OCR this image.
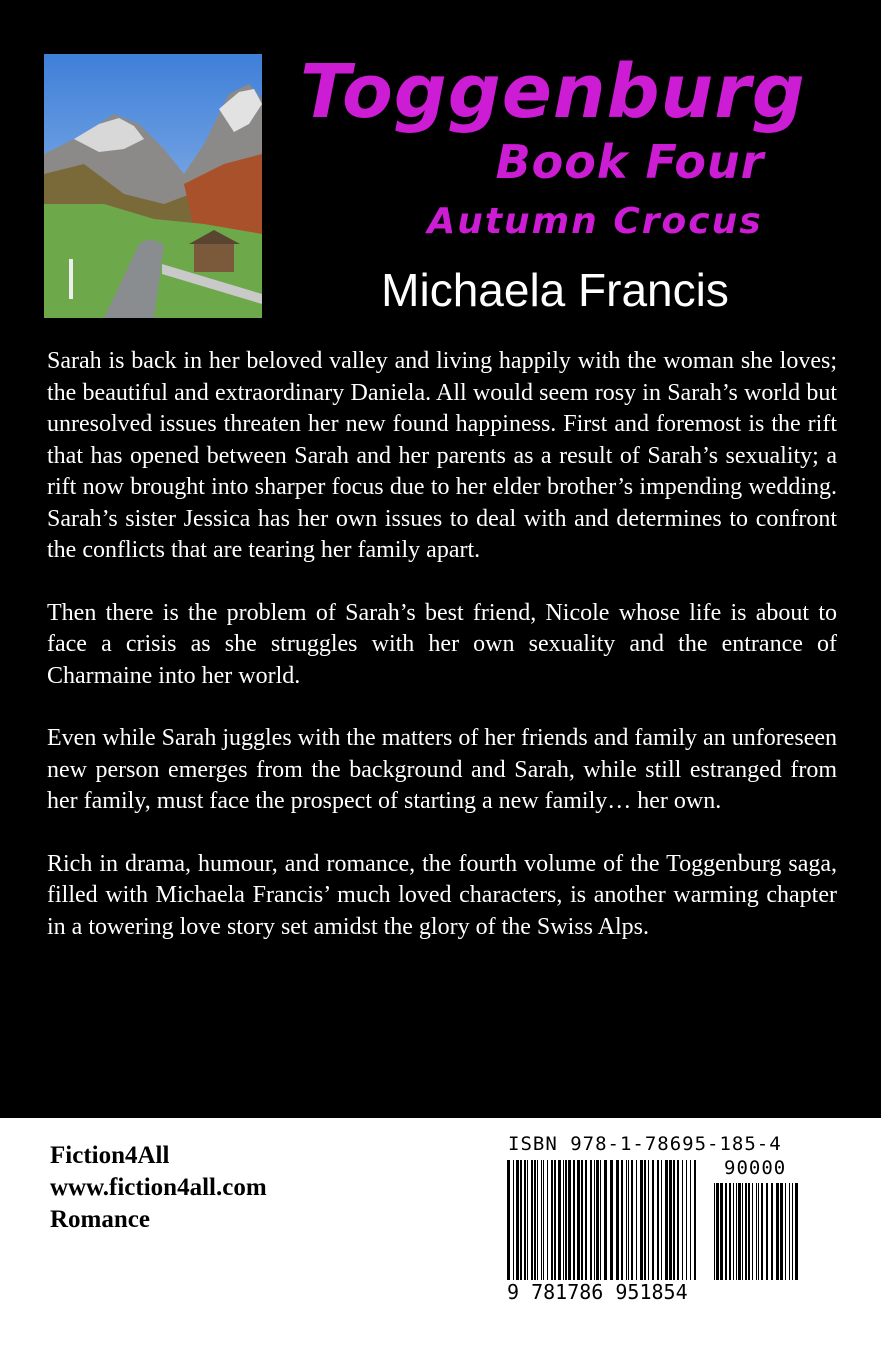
Toggenburg
Book Four
Autumn Crocus
Michaela Francis

Sarah is back in her beloved valley and living happily with the woman she loves; the beautiful and extraordinary Daniela. All would seem rosy in Sarah’s world but unresolved issues threaten her new found happiness. First and foremost is the rift that has opened between Sarah and her parents as a result of Sarah’s sexuality; a rift now brought into sharper focus due to her elder brother’s impending wedding. Sarah’s sister Jessica has her own issues to deal with and determines to confront the conflicts that are tearing her family apart.

Then there is the problem of Sarah’s best friend, Nicole whose life is about to face a crisis as she struggles with her own sexuality and the entrance of Charmaine into her world.

Even while Sarah juggles with the matters of her friends and family an unforeseen new person emerges from the background and Sarah, while still estranged from her family, must face the prospect of starting a new family… her own.

Rich in drama, humour, and romance, the fourth volume of the Toggenburg saga, filled with Michaela Francis’ much loved characters, is another warming chapter in a towering love story set amidst the glory of the Swiss Alps.

Fiction4All
www.fiction4all.com
Romance
ISBN 978-1-78695-185-4
90000
9 781786 951854
